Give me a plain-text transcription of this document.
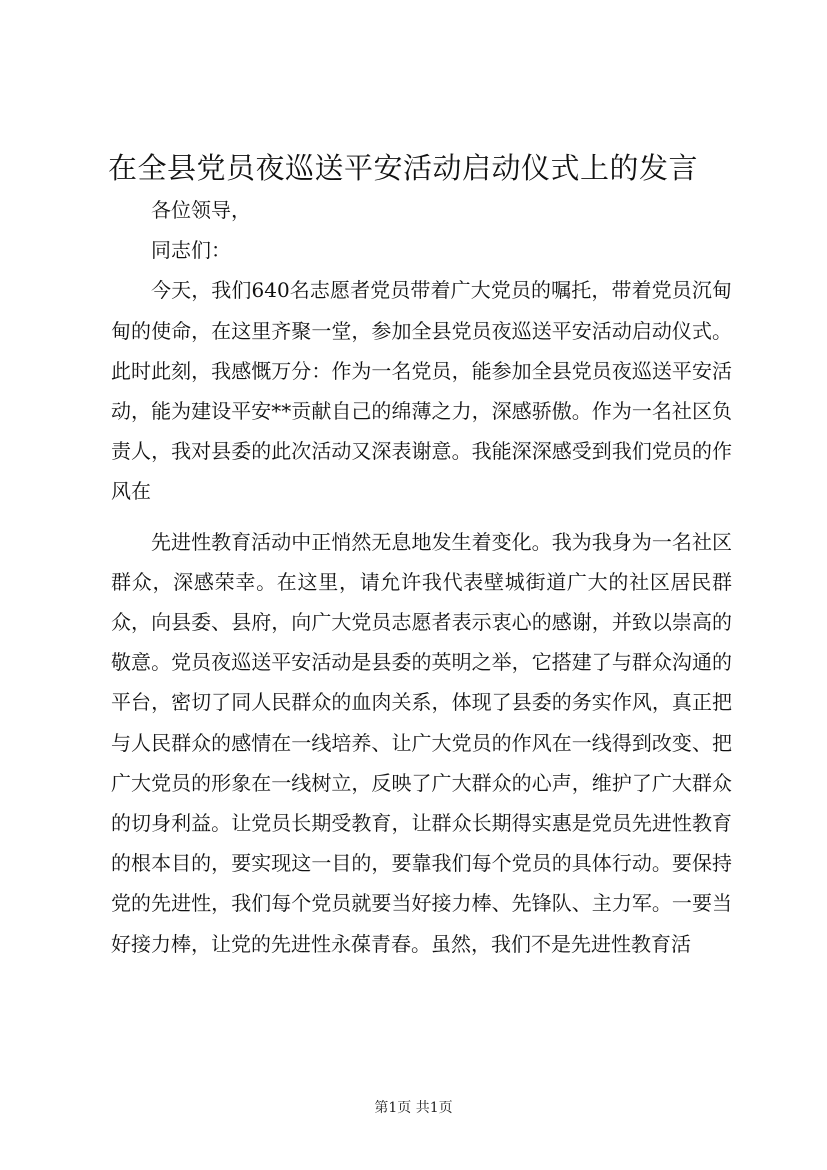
在全县党员夜巡送平安活动启动仪式上的发言

各位领导，

同志们：

今天，我们640名志愿者党员带着广大党员的嘱托，带着党员沉甸甸的使命，在这里齐聚一堂，参加全县党员夜巡送平安活动启动仪式。此时此刻，我感慨万分：作为一名党员，能参加全县党员夜巡送平安活动，能为建设平安**贡献自己的绵薄之力，深感骄傲。作为一名社区负责人，我对县委的此次活动又深表谢意。我能深深感受到我们党员的作风在

先进性教育活动中正悄然无息地发生着变化。我为我身为一名社区群众，深感荣幸。在这里，请允许我代表壁城街道广大的社区居民群众，向县委、县府，向广大党员志愿者表示衷心的感谢，并致以崇高的敬意。党员夜巡送平安活动是县委的英明之举，它搭建了与群众沟通的平台，密切了同人民群众的血肉关系，体现了县委的务实作风，真正把与人民群众的感情在一线培养、让广大党员的作风在一线得到改变、把广大党员的形象在一线树立，反映了广大群众的心声，维护了广大群众的切身利益。让党员长期受教育，让群众长期得实惠是党员先进性教育的根本目的，要实现这一目的，要靠我们每个党员的具体行动。要保持党的先进性，我们每个党员就要当好接力棒、先锋队、主力军。一要当好接力棒，让党的先进性永葆青春。虽然，我们不是先进性教育活

第1页 共1页
